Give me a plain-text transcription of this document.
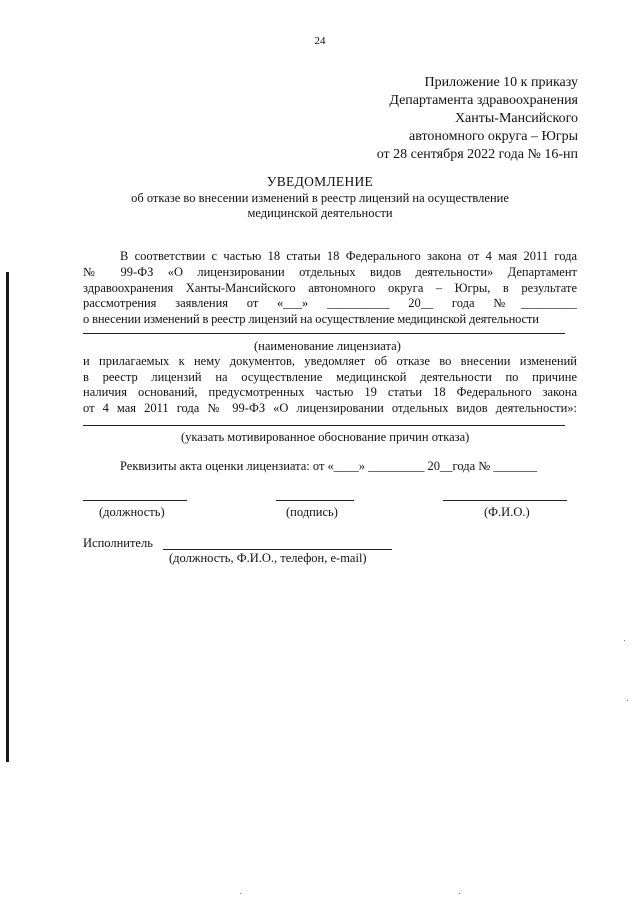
24
Приложение 10 к приказу
Департамента здравоохранения
Ханты-Мансийского
автономного округа – Югры
от 28 сентября 2022 года № 16-нп
УВЕДОМЛЕНИЕ
об отказе во внесении изменений в реестр лицензий на осуществление
медицинской деятельности
В соответствии с частью 18 статьи 18 Федерального закона от 4 мая 2011 года
№ 99-ФЗ «О лицензировании отдельных видов деятельности» Департамент
здравоохранения Ханты-Мансийского автономного округа – Югры, в результате
рассмотрения заявления от «___» __________ 20__ года №_________
о внесении изменений в реестр лицензий на осуществление медицинской деятельности
(наименование лицензиата)
и прилагаемых к нему документов, уведомляет об отказе во внесении изменений
в реестр лицензий на осуществление медицинской деятельности по причине
наличия оснований, предусмотренных частью 19 статьи 18 Федерального закона
от 4 мая 2011 года № 99-ФЗ «О лицензировании отдельных видов деятельности»:
(указать мотивированное обоснование причин отказа)
Реквизиты акта оценки лицензиата: от «____» _________ 20__года № _______
(должность)	(подпись)	(Ф.И.О.)
Исполнитель
(должность, Ф.И.О., телефон, e-mail)
